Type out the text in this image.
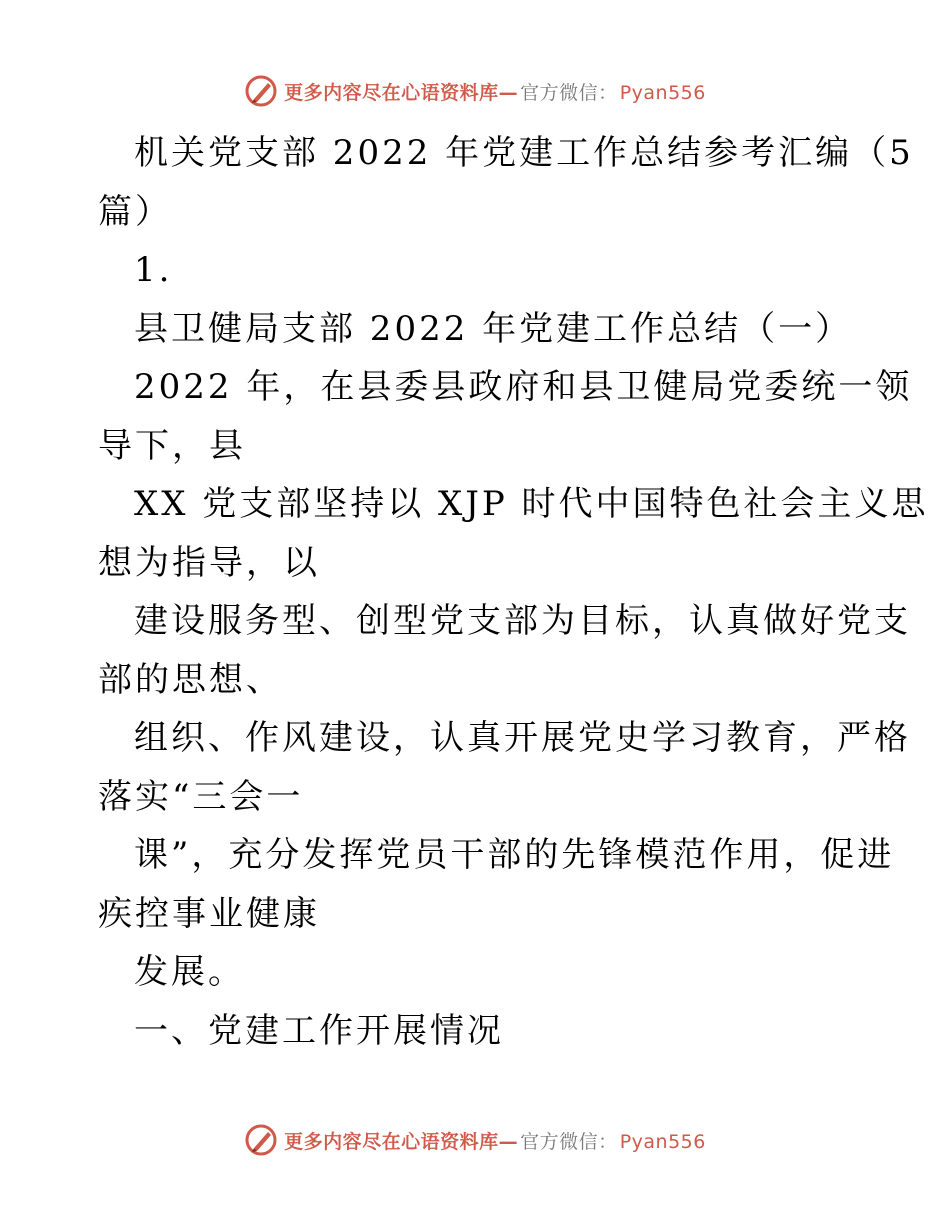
更多内容尽在心语资料库— 官方微信： Pyan556
机关党支部 2022 年党建工作总结参考汇编（5
篇）
1.
县卫健局支部 2022 年党建工作总结（一）
2022 年，在县委县政府和县卫健局党委统一领
导下，县
XX 党支部坚持以 XJP 时代中国特色社会主义思
想为指导，以
建设服务型、创型党支部为目标，认真做好党支
部的思想、
组织、作风建设，认真开展党史学习教育，严格
落实“三会一
课”，充分发挥党员干部的先锋模范作用，促进
疾控事业健康
发展。
一、党建工作开展情况
更多内容尽在心语资料库— 官方微信： Pyan556
